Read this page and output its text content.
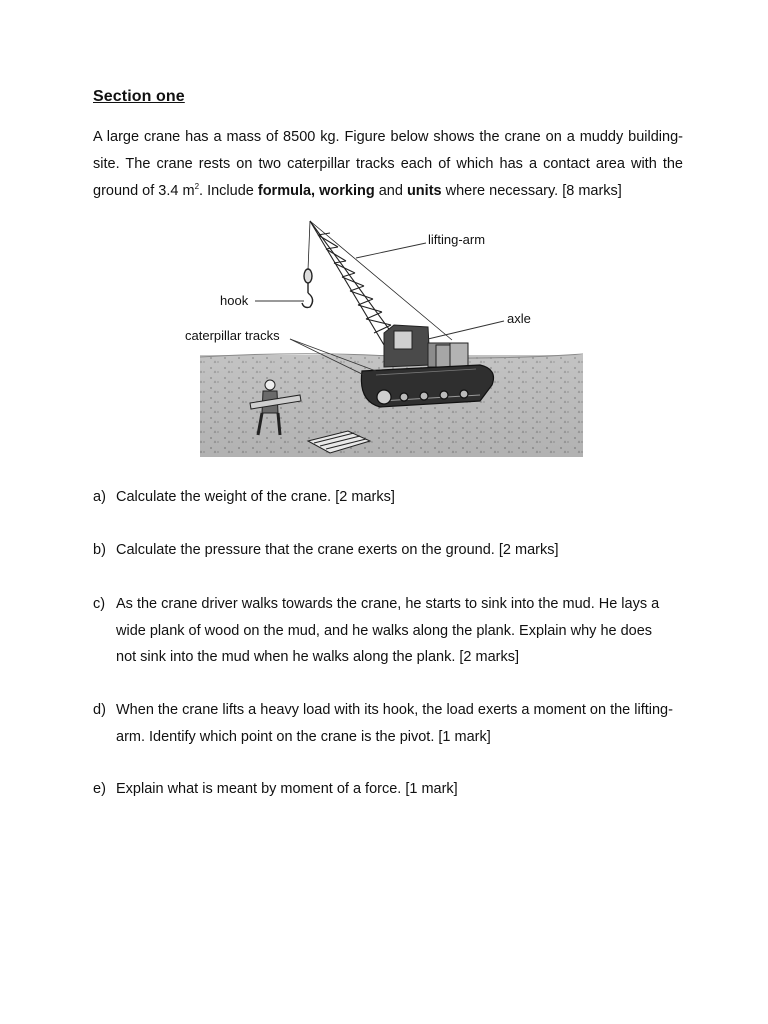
Section one
A large crane has a mass of 8500 kg. Figure below shows the crane on a muddy building-site. The crane rests on two caterpillar tracks each of which has a contact area with the ground of 3.4 $m^2$. Include formula, working and units where necessary. [8 marks]
lifting-arm
hook
axle
caterpillar tracks
a) Calculate the weight of the crane. [2 marks]
b) Calculate the pressure that the crane exerts on the ground. [2 marks]
c) As the crane driver walks towards the crane, he starts to sink into the mud. He lays a wide plank of wood on the mud, and he walks along the plank. Explain why he does not sink into the mud when he walks along the plank. [2 marks]
d) When the crane lifts a heavy load with its hook, the load exerts a moment on the lifting-arm. Identify which point on the crane is the pivot. [1 mark]
e) Explain what is meant by moment of a force. [1 mark]
